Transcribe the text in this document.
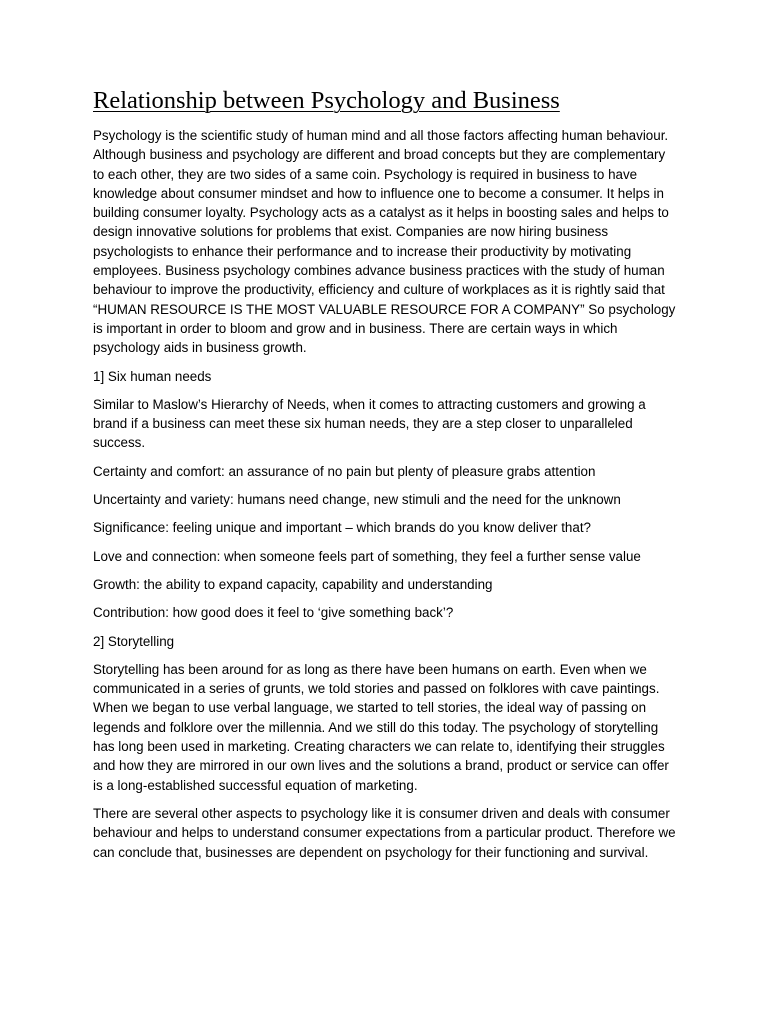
Relationship between Psychology and Business

Psychology is the scientific study of human mind and all those factors affecting human behaviour. Although business and psychology are different and broad concepts but they are complementary to each other, they are two sides of a same coin. Psychology is required in business to have knowledge about consumer mindset and how to influence one to become a consumer. It helps in building consumer loyalty. Psychology acts as a catalyst as it helps in boosting sales and helps to design innovative solutions for problems that exist. Companies are now hiring business psychologists to enhance their performance and to increase their productivity by motivating employees. Business psychology combines advance business practices with the study of human behaviour to improve the productivity, efficiency and culture of workplaces as it is rightly said that “HUMAN RESOURCE IS THE MOST VALUABLE RESOURCE FOR A COMPANY” So psychology is important in order to bloom and grow and in business. There are certain ways in which psychology aids in business growth.

1] Six human needs

Similar to Maslow’s Hierarchy of Needs, when it comes to attracting customers and growing a brand if a business can meet these six human needs, they are a step closer to unparalleled success.

Certainty and comfort: an assurance of no pain but plenty of pleasure grabs attention

Uncertainty and variety: humans need change, new stimuli and the need for the unknown

Significance: feeling unique and important – which brands do you know deliver that?

Love and connection: when someone feels part of something, they feel a further sense value

Growth: the ability to expand capacity, capability and understanding

Contribution: how good does it feel to ‘give something back’?

2] Storytelling

Storytelling has been around for as long as there have been humans on earth. Even when we communicated in a series of grunts, we told stories and passed on folklores with cave paintings. When we began to use verbal language, we started to tell stories, the ideal way of passing on legends and folklore over the millennia. And we still do this today. The psychology of storytelling has long been used in marketing. Creating characters we can relate to, identifying their struggles and how they are mirrored in our own lives and the solutions a brand, product or service can offer is a long-established successful equation of marketing.

There are several other aspects to psychology like it is consumer driven and deals with consumer behaviour and helps to understand consumer expectations from a particular product. Therefore we can conclude that, businesses are dependent on psychology for their functioning and survival.
